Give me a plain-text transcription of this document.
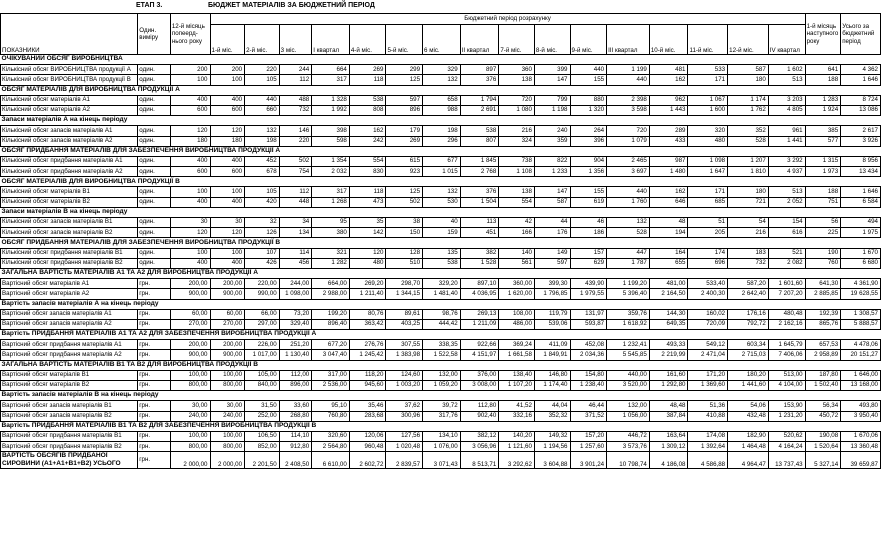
ЕТАП 3.	БЮДЖЕТ МАТЕРІАЛІВ ЗА БЮДЖЕТНИЙ ПЕРІОД
ПОКАЗНИКИ	Один. виміру	12-й місяць попеерд-нього року	Бюджетний період розрахунку																1-й місяць наступного року	Усього за бюджетний період
			1-й міс.	2-й міс.	3 міс.	I квартал	4-й міс.	5-й міс.	6 міс.	II квартал	7-й міс.	8-й міс.	9-й міс.	III квартал	10-й міс.	11-й міс.	12-й міс.	IV квартал		
ОЧІКУВАНИЙ ОБСЯГ ВИРОБНИЦТВА																				
Кількісний обсяг ВИРОБНИЦТВА продукції А	один.	200	200	220	244	664	269	299	329	897	360	399	440	1 199	481	533	587	1 602	641	4 362
Кількісний обсяг ВИРОБНИЦТВА продукції В	один.	100	100	105	112	317	118	125	132	376	138	147	155	440	162	171	180	513	188	1 646
ОБСЯГ МАТЕРІАЛІВ ДЛЯ ВИРОБНИЦТВА ПРОДУКЦІЇ А																				
Кількісний обсяг матеріалів А1	один.	400	400	440	488	1 328	538	597	658	1 794	720	799	880	2 398	962	1 067	1 174	3 203	1 283	8 724
Кількісний обсяг матеріалів А2	один.	600	600	660	732	1 992	808	896	988	2 691	1 080	1 198	1 320	3 598	1 443	1 600	1 762	4 805	1 924	13 086
Запаси матеріалів А на кінець періоду																				
Кількісний обсяг запасів матеріалів А1	один.	120	120	132	146	398	162	179	198	538	216	240	264	720	289	320	352	961	385	2 617
Кількісний обсяг запасів матеріалів А2	один.	180	180	198	220	598	242	269	296	807	324	359	396	1 079	433	480	528	1 441	577	3 926
ОБСЯГ ПРИДБАННЯ МАТЕРІАЛІВ ДЛЯ ЗАБЕЗПЕЧЕННЯ ВИРОБНИЦТВА ПРОДУКЦІЇ А																				
Кількісний обсяг придбання матеріалів А1	один.	400	400	452	502	1 354	554	615	677	1 845	738	822	904	2 465	987	1 098	1 207	3 292	1 315	8 956
Кількісний обсяг придбання матеріалів А2	один.	600	600	678	754	2 032	830	923	1 015	2 768	1 108	1 233	1 356	3 697	1 480	1 647	1 810	4 937	1 973	13 434
ОБСЯГ МАТЕРІАЛІВ ДЛЯ ВИРОБНИЦТВА ПРОДУКЦІЇ В																				
Кількісний обсяг матеріалів В1	один.	100	100	105	112	317	118	125	132	376	138	147	155	440	162	171	180	513	188	1 646
Кількісний обсяг матеріалів В2	один.	400	400	420	448	1 268	473	502	530	1 504	554	587	619	1 760	646	685	721	2 052	751	6 584
Запаси матеріалів В на кінець періоду																				
Кількісний обсяг запасів матеріалів В1	один.	30	30	32	34	95	35	38	40	113	42	44	46	132	48	51	54	154	56	494
Кількісний обсяг запасів матеріалів В2	один.	120	120	126	134	380	142	150	159	451	166	176	186	528	194	205	216	616	225	1 975
ОБСЯГ ПРИДБАННЯ МАТЕРІАЛІВ ДЛЯ ЗАБЕЗПЕЧЕННЯ ВИРОБНИЦТВА ПРОДУКЦІЇ В																				
Кількісний обсяг придбання матеріалів В1	один.	100	100	107	114	321	120	128	135	382	140	149	157	447	164	174	183	521	190	1 670
Кількісний обсяг придбання матеріалів В2	один.	400	400	426	456	1 282	480	510	538	1 528	561	597	629	1 787	655	696	732	2 082	760	6 680
ЗАГАЛЬНА ВАРТІСТЬ МАТЕРІАЛІВ А1 ТА А2 ДЛЯ ВИРОБНИЦТВА ПРОДУКЦІЇ А																				
Вартісний обсяг матеріалів А1	грн.	200,00	200,00	220,00	244,00	664,00	269,20	298,70	329,20	897,10	360,00	399,30	439,90	1 199,20	481,00	533,40	587,20	1 601,60	641,30	4 361,90
Вартісний обсяг матеріалів А2	грн.	900,00	900,00	990,00	1 098,00	2 988,00	1 211,40	1 344,15	1 481,40	4 036,95	1 620,00	1 796,85	1 979,55	5 396,40	2 164,50	2 400,30	2 642,40	7 207,20	2 885,85	19 628,55
Вартість запасів матеріалів А на кінець періоду																				
Вартісний обсяг запасів матеріалів А1	грн.	60,00	60,00	66,00	73,20	199,20	80,76	89,61	98,76	269,13	108,00	119,79	131,97	359,76	144,30	160,02	176,16	480,48	192,39	1 308,57
Вартісний обсяг запасів матеріалів А2	грн.	270,00	270,00	297,00	329,40	896,40	363,42	403,25	444,42	1 211,09	486,00	539,06	593,87	1 618,92	649,35	720,09	792,72	2 162,16	865,76	5 888,57
Вартість ПРИДБАННЯ МАТЕРІАЛІВ А1 ТА А2 ДЛЯ ЗАБЕЗПЕЧЕННЯ ВИРОБНИЦТВА ПРОДУКЦІЇ А																				
Вартісний обсяг придбання матеріалів А1	грн.	200,00	200,00	226,00	251,20	677,20	276,76	307,55	338,35	922,66	369,24	411,09	452,08	1 232,41	493,33	549,12	603,34	1 645,79	657,53	4 478,06
Вартісний обсяг придбання матеріалів А2	грн.	900,00	900,00	1 017,00	1 130,40	3 047,40	1 245,42	1 383,98	1 522,58	4 151,97	1 661,58	1 849,91	2 034,36	5 545,85	2 219,99	2 471,04	2 715,03	7 406,06	2 958,89	20 151,27
ЗАГАЛЬНА ВАРТІСТЬ МАТЕРІАЛІВ В1 ТА В2 ДЛЯ ВИРОБНИЦТВА ПРОДУКЦІЇ В																				
Вартісний обсяг матеріалів В1	грн.	100,00	100,00	105,00	112,00	317,00	118,20	124,60	132,00	376,00	138,40	146,80	154,80	440,00	161,60	171,20	180,20	513,00	187,80	1 646,00
Вартісний обсяг матеріалів В2	грн.	800,00	800,00	840,00	896,00	2 536,00	945,60	1 003,20	1 059,20	3 008,00	1 107,20	1 174,40	1 238,40	3 520,00	1 292,80	1 369,60	1 441,60	4 104,00	1 502,40	13 168,00
Вартість запасів матеріалів В на кінець періоду																				
Вартісний обсяг запасів матеріалів В1	грн.	30,00	30,00	31,50	33,60	95,10	35,46	37,62	39,72	112,80	41,52	44,04	46,44	132,00	48,48	51,36	54,06	153,90	56,34	493,80
Вартісний обсяг запасів матеріалів В2	грн.	240,00	240,00	252,00	268,80	760,80	283,68	300,96	317,76	902,40	332,16	352,32	371,52	1 056,00	387,84	410,88	432,48	1 231,20	450,72	3 950,40
Вартість ПРИДБАННЯ МАТЕРІАЛІВ В1 ТА В2 ДЛЯ ЗАБЕЗПЕЧЕННЯ ВИРОБНИЦТВА ПРОДУКЦІЇ В																				
Вартісний обсяг придбання матеріалів В1	грн.	100,00	100,00	106,50	114,10	320,60	120,06	127,56	134,10	382,12	140,20	149,32	157,20	446,72	163,64	174,08	182,90	520,62	190,08	1 670,06
Вартісний обсяг придбання матеріалів В2	грн.	800,00	800,00	852,00	912,80	2 564,80	960,48	1 020,48	1 076,00	3 056,96	1 121,60	1 194,56	1 257,60	3 573,76	1 309,12	1 392,64	1 464,48	4 164,24	1 520,64	13 360,48
ВАРТІСТЬ ОБСЯГІВ ПРИДБАНОЇ
СИРОВИНИ (А1+А1+В1+В2) УСЬОГО	грн.	2 000,00	2 000,00	2 201,50	2 408,50	6 610,00	2 602,72	2 839,57	3 071,43	8 513,71	3 292,62	3 604,88	3 901,24	10 798,74	4 186,08	4 586,88	4 964,47	13 737,43	5 327,14	39 659,87
